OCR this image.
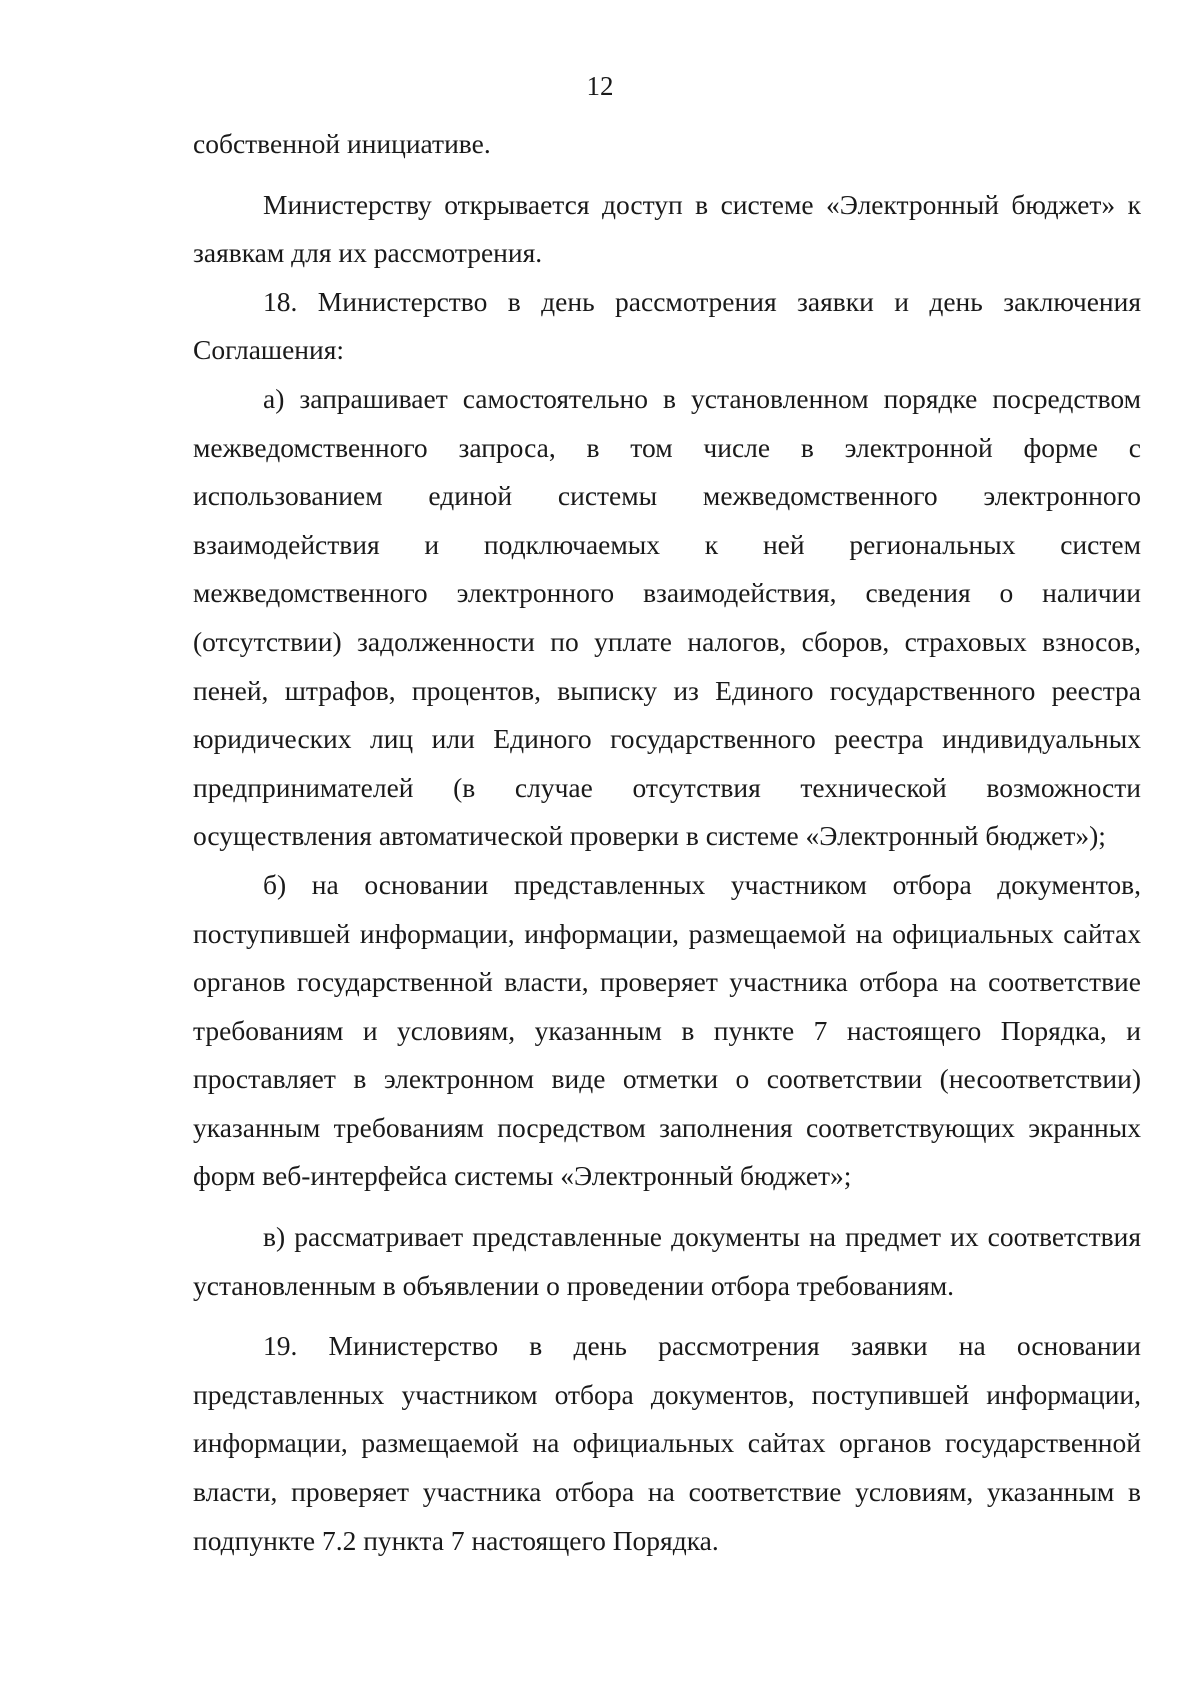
12

собственной инициативе.

Министерству открывается доступ в системе «Электронный бюджет» к заявкам для их рассмотрения.

18. Министерство в день рассмотрения заявки и день заключения Соглашения:

а) запрашивает самостоятельно в установленном порядке посредством межведомственного запроса, в том числе в электронной форме с использованием единой системы межведомственного электронного взаимодействия и подключаемых к ней региональных систем межведомственного электронного взаимодействия, сведения о наличии (отсутствии) задолженности по уплате налогов, сборов, страховых взносов, пеней, штрафов, процентов, выписку из Единого государственного реестра юридических лиц или Единого государственного реестра индивидуальных предпринимателей (в случае отсутствия технической возможности осуществления автоматической проверки в системе «Электронный бюджет»);

б) на основании представленных участником отбора документов, поступившей информации, информации, размещаемой на официальных сайтах органов государственной власти, проверяет участника отбора на соответствие требованиям и условиям, указанным в пункте 7 настоящего Порядка, и проставляет в электронном виде отметки о соответствии (несоответствии) указанным требованиям посредством заполнения соответствующих экранных форм веб-интерфейса системы «Электронный бюджет»;

в) рассматривает представленные документы на предмет их соответствия установленным в объявлении о проведении отбора требованиям.

19. Министерство в день рассмотрения заявки на основании представленных участником отбора документов, поступившей информации, информации, размещаемой на официальных сайтах органов государственной власти, проверяет участника отбора на соответствие условиям, указанным в подпункте 7.2 пункта 7 настоящего Порядка.
